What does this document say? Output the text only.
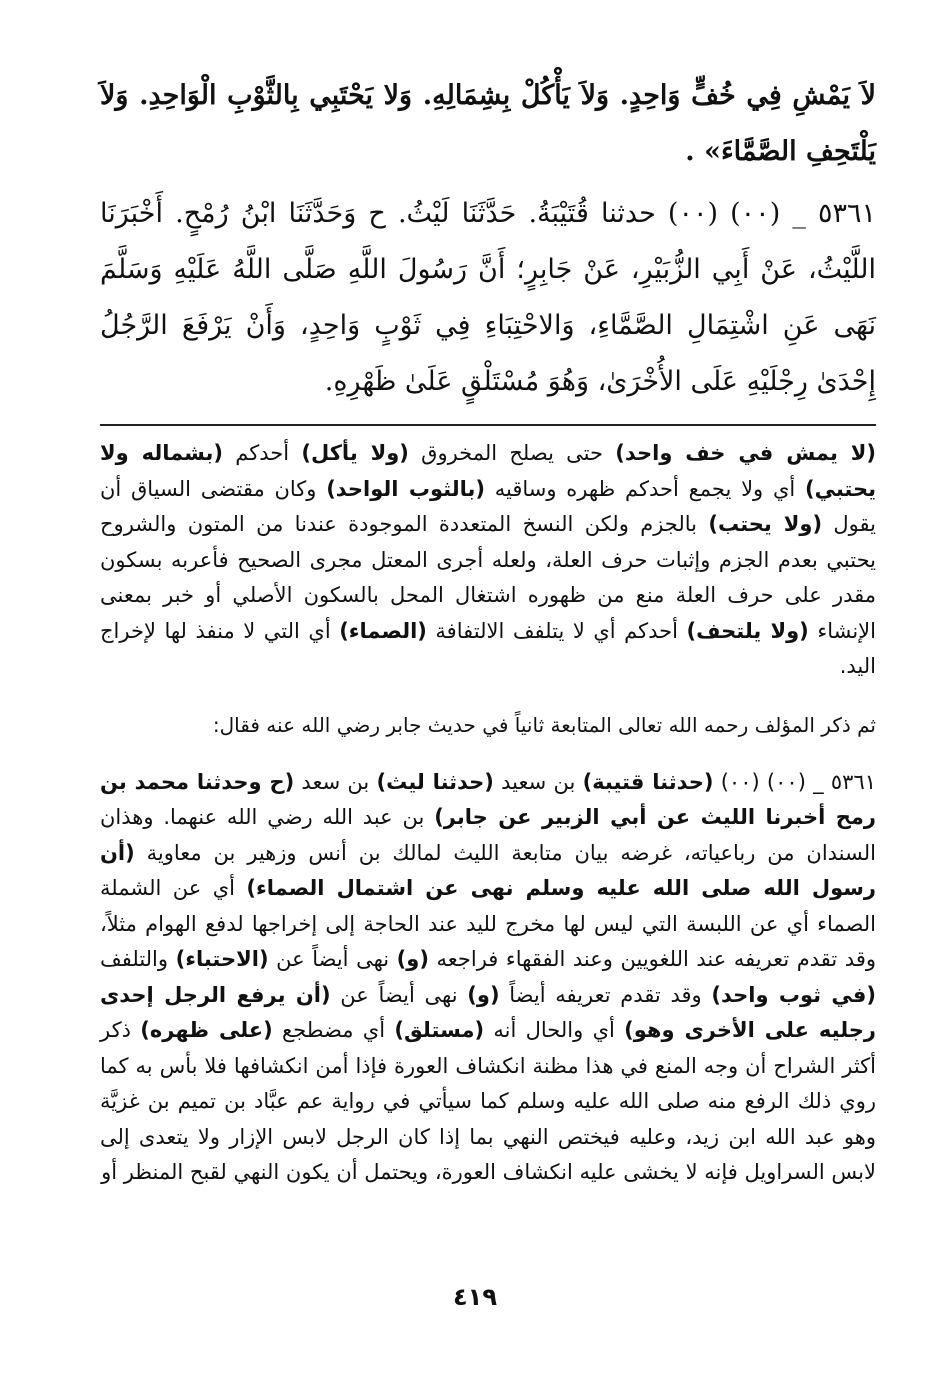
لاَ يَمْشِ فِي خُفٍّ وَاحِدٍ. وَلاَ يَأْكُلْ بِشِمَالِهِ. وَلا يَحْتَبِي بِالثَّوْبِ الْوَاحِدِ. وَلاَ يَلْتَحِفِ الصَّمَّاءَ» .

٥٣٦١ _ (٠٠) (٠٠) حدثنا قُتَيْبَةُ. حَدَّثَنَا لَيْثُ. ح وَحَدَّثَنَا ابْنُ رُمْحٍ. أَخْبَرَنَا اللَّيْثُ، عَنْ أَبِي الزُّبَيْرِ، عَنْ جَابِرٍ؛ أَنَّ رَسُولَ اللَّهِ صَلَّى اللَّهُ عَلَيْهِ وَسَلَّمَ نَهَى عَنِ اشْتِمَالِ الصَّمَّاءِ، وَالاحْتِبَاءِ فِي ثَوْبٍ وَاحِدٍ، وَأَنْ يَرْفَعَ الرَّجُلُ إِحْدَىٰ رِجْلَيْهِ عَلَى الأُخْرَىٰ، وَهُوَ مُسْتَلْقٍ عَلَىٰ ظَهْرِهِ.

(لا يمش في خف واحد) حتى يصلح المخروق (ولا يأكل) أحدكم (بشماله ولا يحتبي) أي ولا يجمع أحدكم ظهره وساقيه (بالثوب الواحد) وكان مقتضى السياق أن يقول (ولا يحتب) بالجزم ولكن النسخ المتعددة الموجودة عندنا من المتون والشروح يحتبي بعدم الجزم وإثبات حرف العلة، ولعله أجرى المعتل مجرى الصحيح فأعربه بسكون مقدر على حرف العلة منع من ظهوره اشتغال المحل بالسكون الأصلي أو خبر بمعنى الإنشاء (ولا يلتحف) أحدكم أي لا يتلفف الالتفافة (الصماء) أي التي لا منفذ لها لإخراج اليد.

ثم ذكر المؤلف رحمه الله تعالى المتابعة ثانياً في حديث جابر رضي الله عنه فقال:

٥٣٦١ _ (٠٠) (٠٠) (حدثنا قتيبة) بن سعيد (حدثنا ليث) بن سعد (ح وحدثنا محمد بن رمح أخبرنا الليث عن أبي الزبير عن جابر) بن عبد الله رضي الله عنهما. وهذان السندان من رباعياته، غرضه بيان متابعة الليث لمالك بن أنس وزهير بن معاوية (أن رسول الله صلى الله عليه وسلم نهى عن اشتمال الصماء) أي عن الشملة الصماء أي عن اللبسة التي ليس لها مخرج لليد عند الحاجة إلى إخراجها لدفع الهوام مثلاً، وقد تقدم تعريفه عند اللغويين وعند الفقهاء فراجعه (و) نهى أيضاً عن (الاحتباء) والتلفف (في ثوب واحد) وقد تقدم تعريفه أيضاً (و) نهى أيضاً عن (أن يرفع الرجل إحدى رجليه على الأخرى وهو) أي والحال أنه (مستلق) أي مضطجع (على ظهره) ذكر أكثر الشراح أن وجه المنع في هذا مظنة انكشاف العورة فإذا أمن انكشافها فلا بأس به كما روي ذلك الرفع منه صلى الله عليه وسلم كما سيأتي في رواية عم عبَّاد بن تميم بن غزيَّة وهو عبد الله ابن زيد، وعليه فيختص النهي بما إذا كان الرجل لابس الإزار ولا يتعدى إلى لابس السراويل فإنه لا يخشى عليه انكشاف العورة، ويحتمل أن يكون النهي لقبح المنظر أو

٤١٩
